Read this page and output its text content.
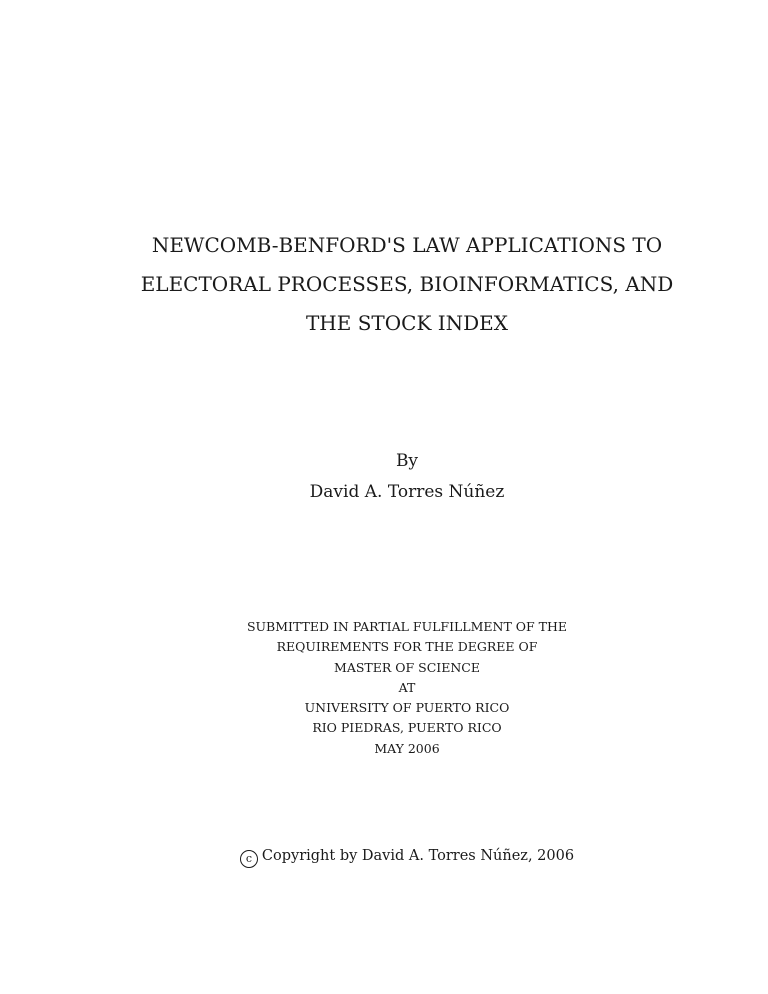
NEWCOMB-BENFORD'S LAW APPLICATIONS TO
ELECTORAL PROCESSES, BIOINFORMATICS, AND
THE STOCK INDEX
By
David A. Torres Núñez
SUBMITTED IN PARTIAL FULFILLMENT OF THE
REQUIREMENTS FOR THE DEGREE OF
MASTER OF SCIENCE
AT
UNIVERSITY OF PUERTO RICO
RIO PIEDRAS, PUERTO RICO
MAY 2006
c Copyright by David A. Torres Núñez, 2006
